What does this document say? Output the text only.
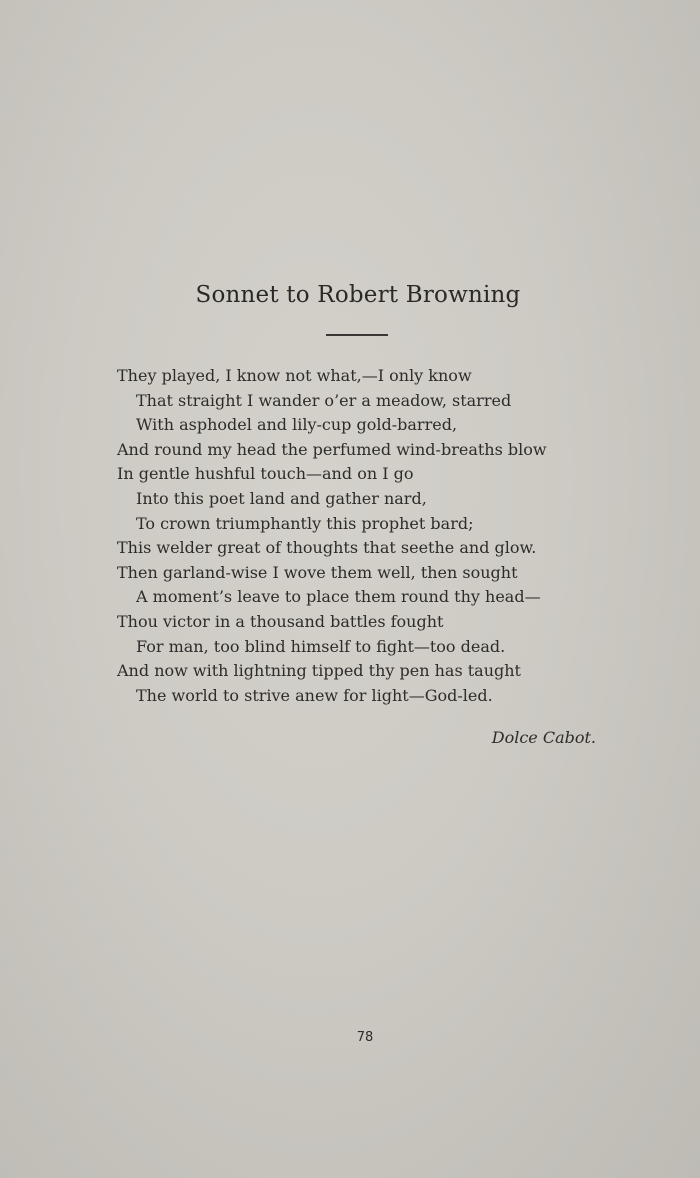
Sonnet to Robert Browning
They played, I know not what,—I only know
That straight I wander o’er a meadow, starred
With asphodel and lily-cup gold-barred,
And round my head the perfumed wind-breaths blow
In gentle hushful touch—and on I go
Into this poet land and gather nard,
To crown triumphantly this prophet bard;
This welder great of thoughts that seethe and glow.
Then garland-wise I wove them well, then sought
A moment’s leave to place them round thy head—
Thou victor in a thousand battles fought
For man, too blind himself to fight—too dead.
And now with lightning tipped thy pen has taught
The world to strive anew for light—God-led.
Dolce Cabot.
78
